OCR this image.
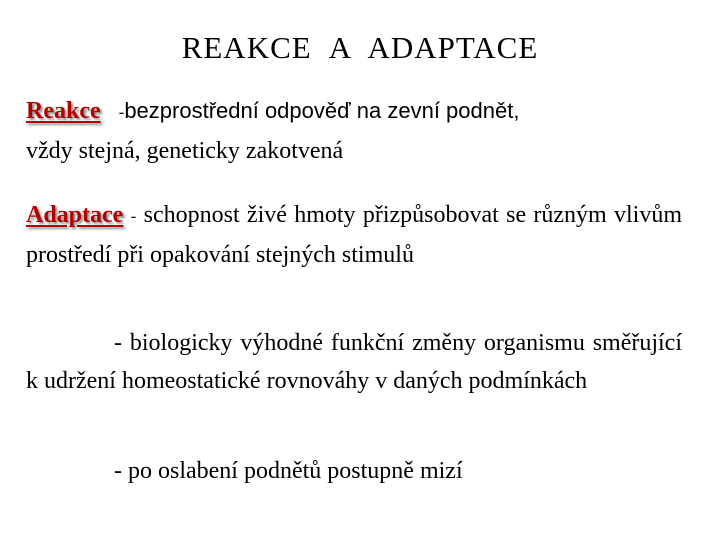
REAKCE A ADAPTACE
Reakce -bezprostřední odpověď na zevní podnět,
vždy stejná, geneticky zakotvená
Adaptace - schopnost živé hmoty přizpůsobovat se různým vlivům prostředí při opakování stejných stimulů
- biologicky výhodné funkční změny organismu směřující k udržení homeostatické rovnováhy v daných podmínkách
- po oslabení podnětů postupně mizí
